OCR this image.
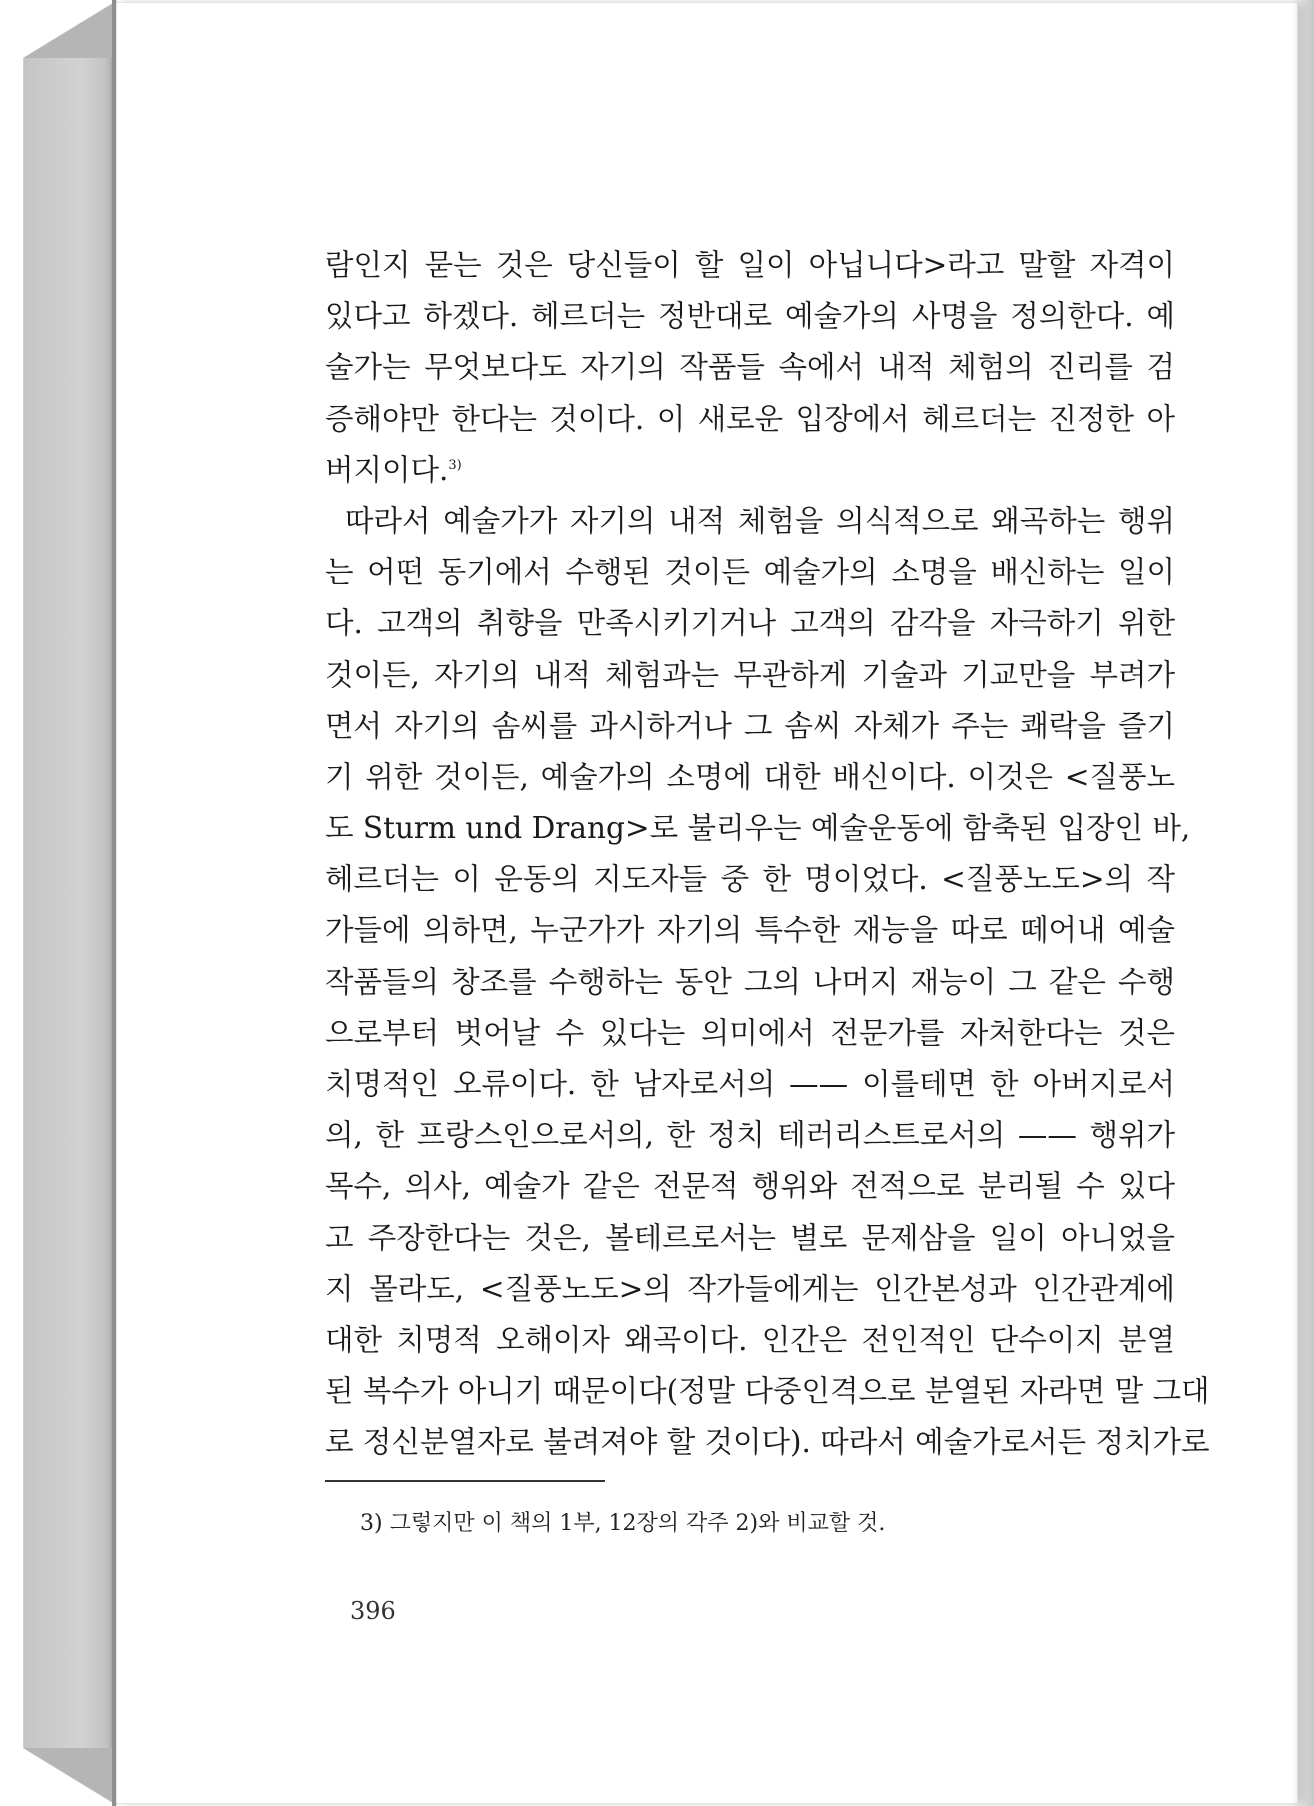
람인지 묻는 것은 당신들이 할 일이 아닙니다>라고 말할 자격이
있다고 하겠다. 헤르더는 정반대로 예술가의 사명을 정의한다. 예
술가는 무엇보다도 자기의 작품들 속에서 내적 체험의 진리를 검
증해야만 한다는 것이다. 이 새로운 입장에서 헤르더는 진정한 아
버지이다.$^{3)}$
따라서 예술가가 자기의 내적 체험을 의식적으로 왜곡하는 행위
는 어떤 동기에서 수행된 것이든 예술가의 소명을 배신하는 일이
다. 고객의 취향을 만족시키기거나 고객의 감각을 자극하기 위한
것이든, 자기의 내적 체험과는 무관하게 기술과 기교만을 부려가
면서 자기의 솜씨를 과시하거나 그 솜씨 자체가 주는 쾌락을 즐기
기 위한 것이든, 예술가의 소명에 대한 배신이다. 이것은 <질풍노
도 Sturm und Drang>로 불리우는 예술운동에 함축된 입장인 바,
헤르더는 이 운동의 지도자들 중 한 명이었다. <질풍노도>의 작
가들에 의하면, 누군가가 자기의 특수한 재능을 따로 떼어내 예술
작품들의 창조를 수행하는 동안 그의 나머지 재능이 그 같은 수행
으로부터 벗어날 수 있다는 의미에서 전문가를 자처한다는 것은
치명적인 오류이다. 한 남자로서의 —— 이를테면 한 아버지로서
의, 한 프랑스인으로서의, 한 정치 테러리스트로서의 —— 행위가
목수, 의사, 예술가 같은 전문적 행위와 전적으로 분리될 수 있다
고 주장한다는 것은, 볼테르로서는 별로 문제삼을 일이 아니었을
지 몰라도, <질풍노도>의 작가들에게는 인간본성과 인간관계에
대한 치명적 오해이자 왜곡이다. 인간은 전인적인 단수이지 분열
된 복수가 아니기 때문이다(정말 다중인격으로 분열된 자라면 말 그대
로 정신분열자로 불려져야 할 것이다). 따라서 예술가로서든 정치가로
3) 그렇지만 이 책의 1부, 12장의 각주 2)와 비교할 것.
396
